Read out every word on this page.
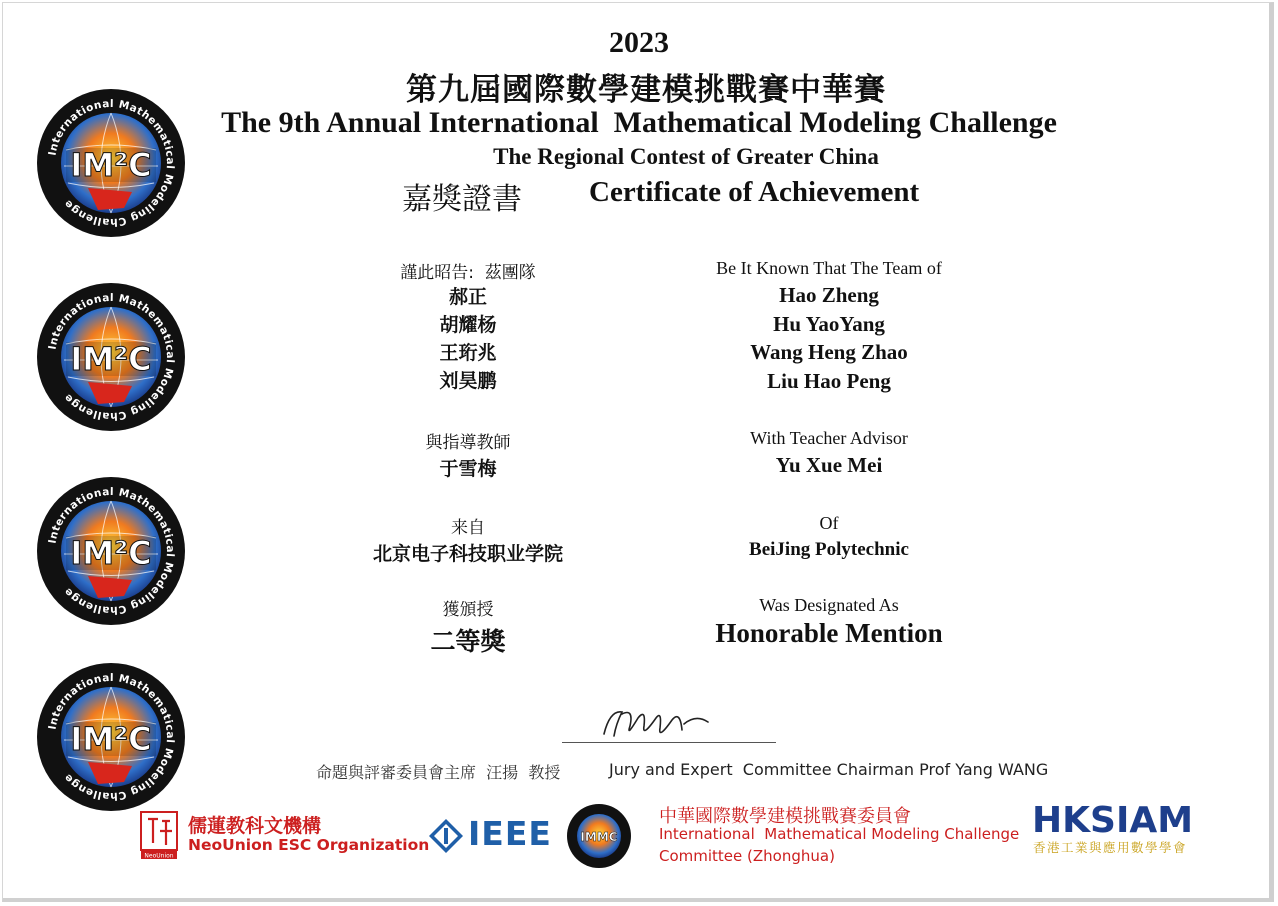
International Mathematical Modeling Challenge
IM²C
International Mathematical Modeling Challenge
IM²C
International Mathematical Modeling Challenge
IM²C
International Mathematical Modeling Challenge
IM²C
2023
第九屆國際數學建模挑戰賽中華賽
The 9th Annual International  Mathematical Modeling Challenge
The Regional Contest of Greater China
嘉獎證書 Certificate of Achievement
謹此昭告:  茲團隊
郝正
胡耀杨
王珩兆
刘昊鹏
Be It Known That The Team of
Hao Zheng
Hu YaoYang
Wang Heng Zhao
Liu Hao Peng
與指導教師
于雪梅
With Teacher Advisor
Yu Xue Mei
来自
北京电子科技职业学院
Of
BeiJing Polytechnic
獲頒授
二等獎
Was Designated As
Honorable Mention
命題與評審委員會主席  汪揚  教授	Jury and Expert  Committee Chairman Prof Yang WANG
NeoUnion
儒蓮教科文機構
NeoUnion ESC Organization IEEE IMMC
中華國際數學建模挑戰賽委員會
International  Mathematical Modeling Challenge
Committee (Zhonghua)
HKSIAM
香港工業與應用數學學會
